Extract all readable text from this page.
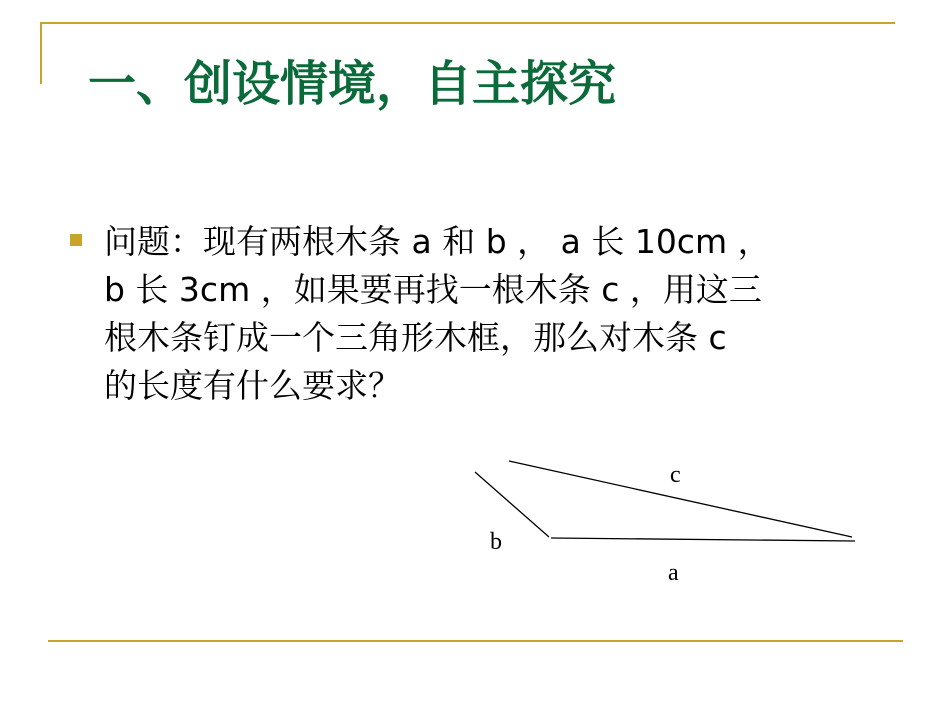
一、创设情境，自主探究
问题：现有两根木条 a 和 b ， a 长 10cm ，
b 长 3cm ，如果要再找一根木条 c ，用这三
根木条钉成一个三角形木框，那么对木条 c
的长度有什么要求？
c
b
a
